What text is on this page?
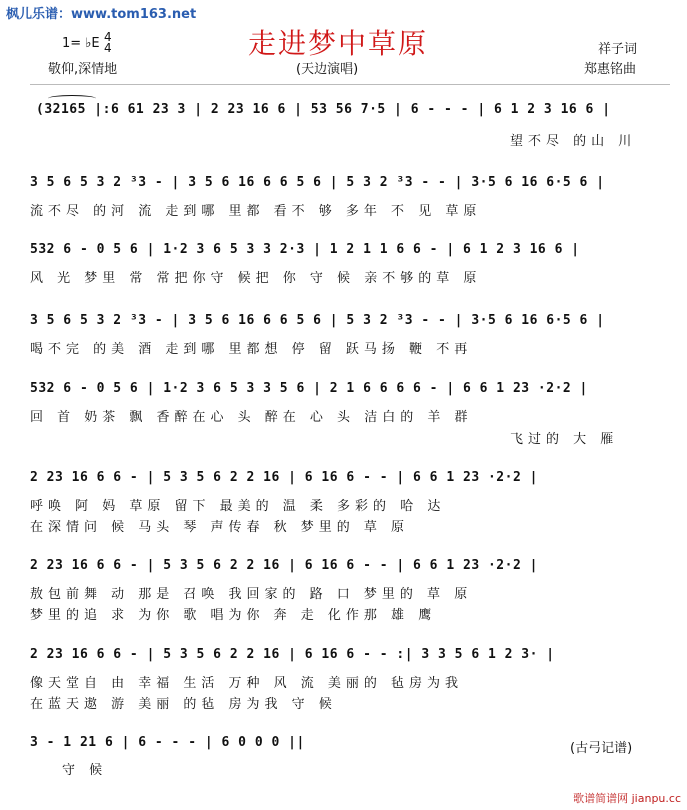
枫儿乐谱：www.tom163.net
走进梦中草原
1= ♭E 4
4
敬仰,深情地	(天边演唱)
祥子词
郑惠铭曲
(32165 |:6 61 23 3 | 2 23 16 6 | 53 56 7·5 | 6 - - - | 6 1 2 3 16 6 |
望不尽 的山 川
3 5 6 5 3 2 ³3 - | 3 5 6 16 6 6 5 6 | 5 3 2 ³3 - - | 3·5 6 16 6·5 6 |
流不尽 的河 流 走到哪 里都 看不 够 多年 不 见 草原
532 6 - 0 5 6 | 1·2 3 6 5 3 3 2·3 | 1 2 1 1 6 6 - | 6 1 2 3 16 6 |
风 光 梦里 常 常把你守 候把 你 守 候 亲不够的草 原
3 5 6 5 3 2 ³3 - | 3 5 6 16 6 6 5 6 | 5 3 2 ³3 - - | 3·5 6 16 6·5 6 |
喝不完 的美 酒 走到哪 里都想 停 留 跃马扬 鞭 不再
532 6 - 0 5 6 | 1·2 3 6 5 3 3 5 6 | 2 1 6 6 6 6 - | 6 6 1 23 ·2·2 |
回 首 奶茶 飘 香醉在心 头 醉在 心 头 洁白的 羊 群
飞过的 大 雁
2 23 16 6 6 - | 5 3 5 6 2 2 16 | 6 16 6 - - | 6 6 1 23 ·2·2 |
呼唤 阿 妈 草原 留下 最美的 温 柔 多彩的 哈 达
在深情问 候 马头 琴 声传春 秋 梦里的 草 原
2 23 16 6 6 - | 5 3 5 6 2 2 16 | 6 16 6 - - | 6 6 1 23 ·2·2 |
敖包前舞 动 那是 召唤 我回家的 路 口 梦里的 草 原
梦里的追 求 为你 歌 唱为你 奔 走 化作那 雄 鹰
2 23 16 6 6 - | 5 3 5 6 2 2 16 | 6 16 6 - - :| 3 3 5 6 1 2 3· |
像天堂自 由 幸福 生活 万种 风 流 美丽的 毡房为我
在蓝天遨 游 美丽 的毡 房为我 守 候
3 - 1 21 6 | 6 - - - | 6 0 0 0 ||
守 候
(古弓记谱)
歌谱简谱网 jianpu.cc
